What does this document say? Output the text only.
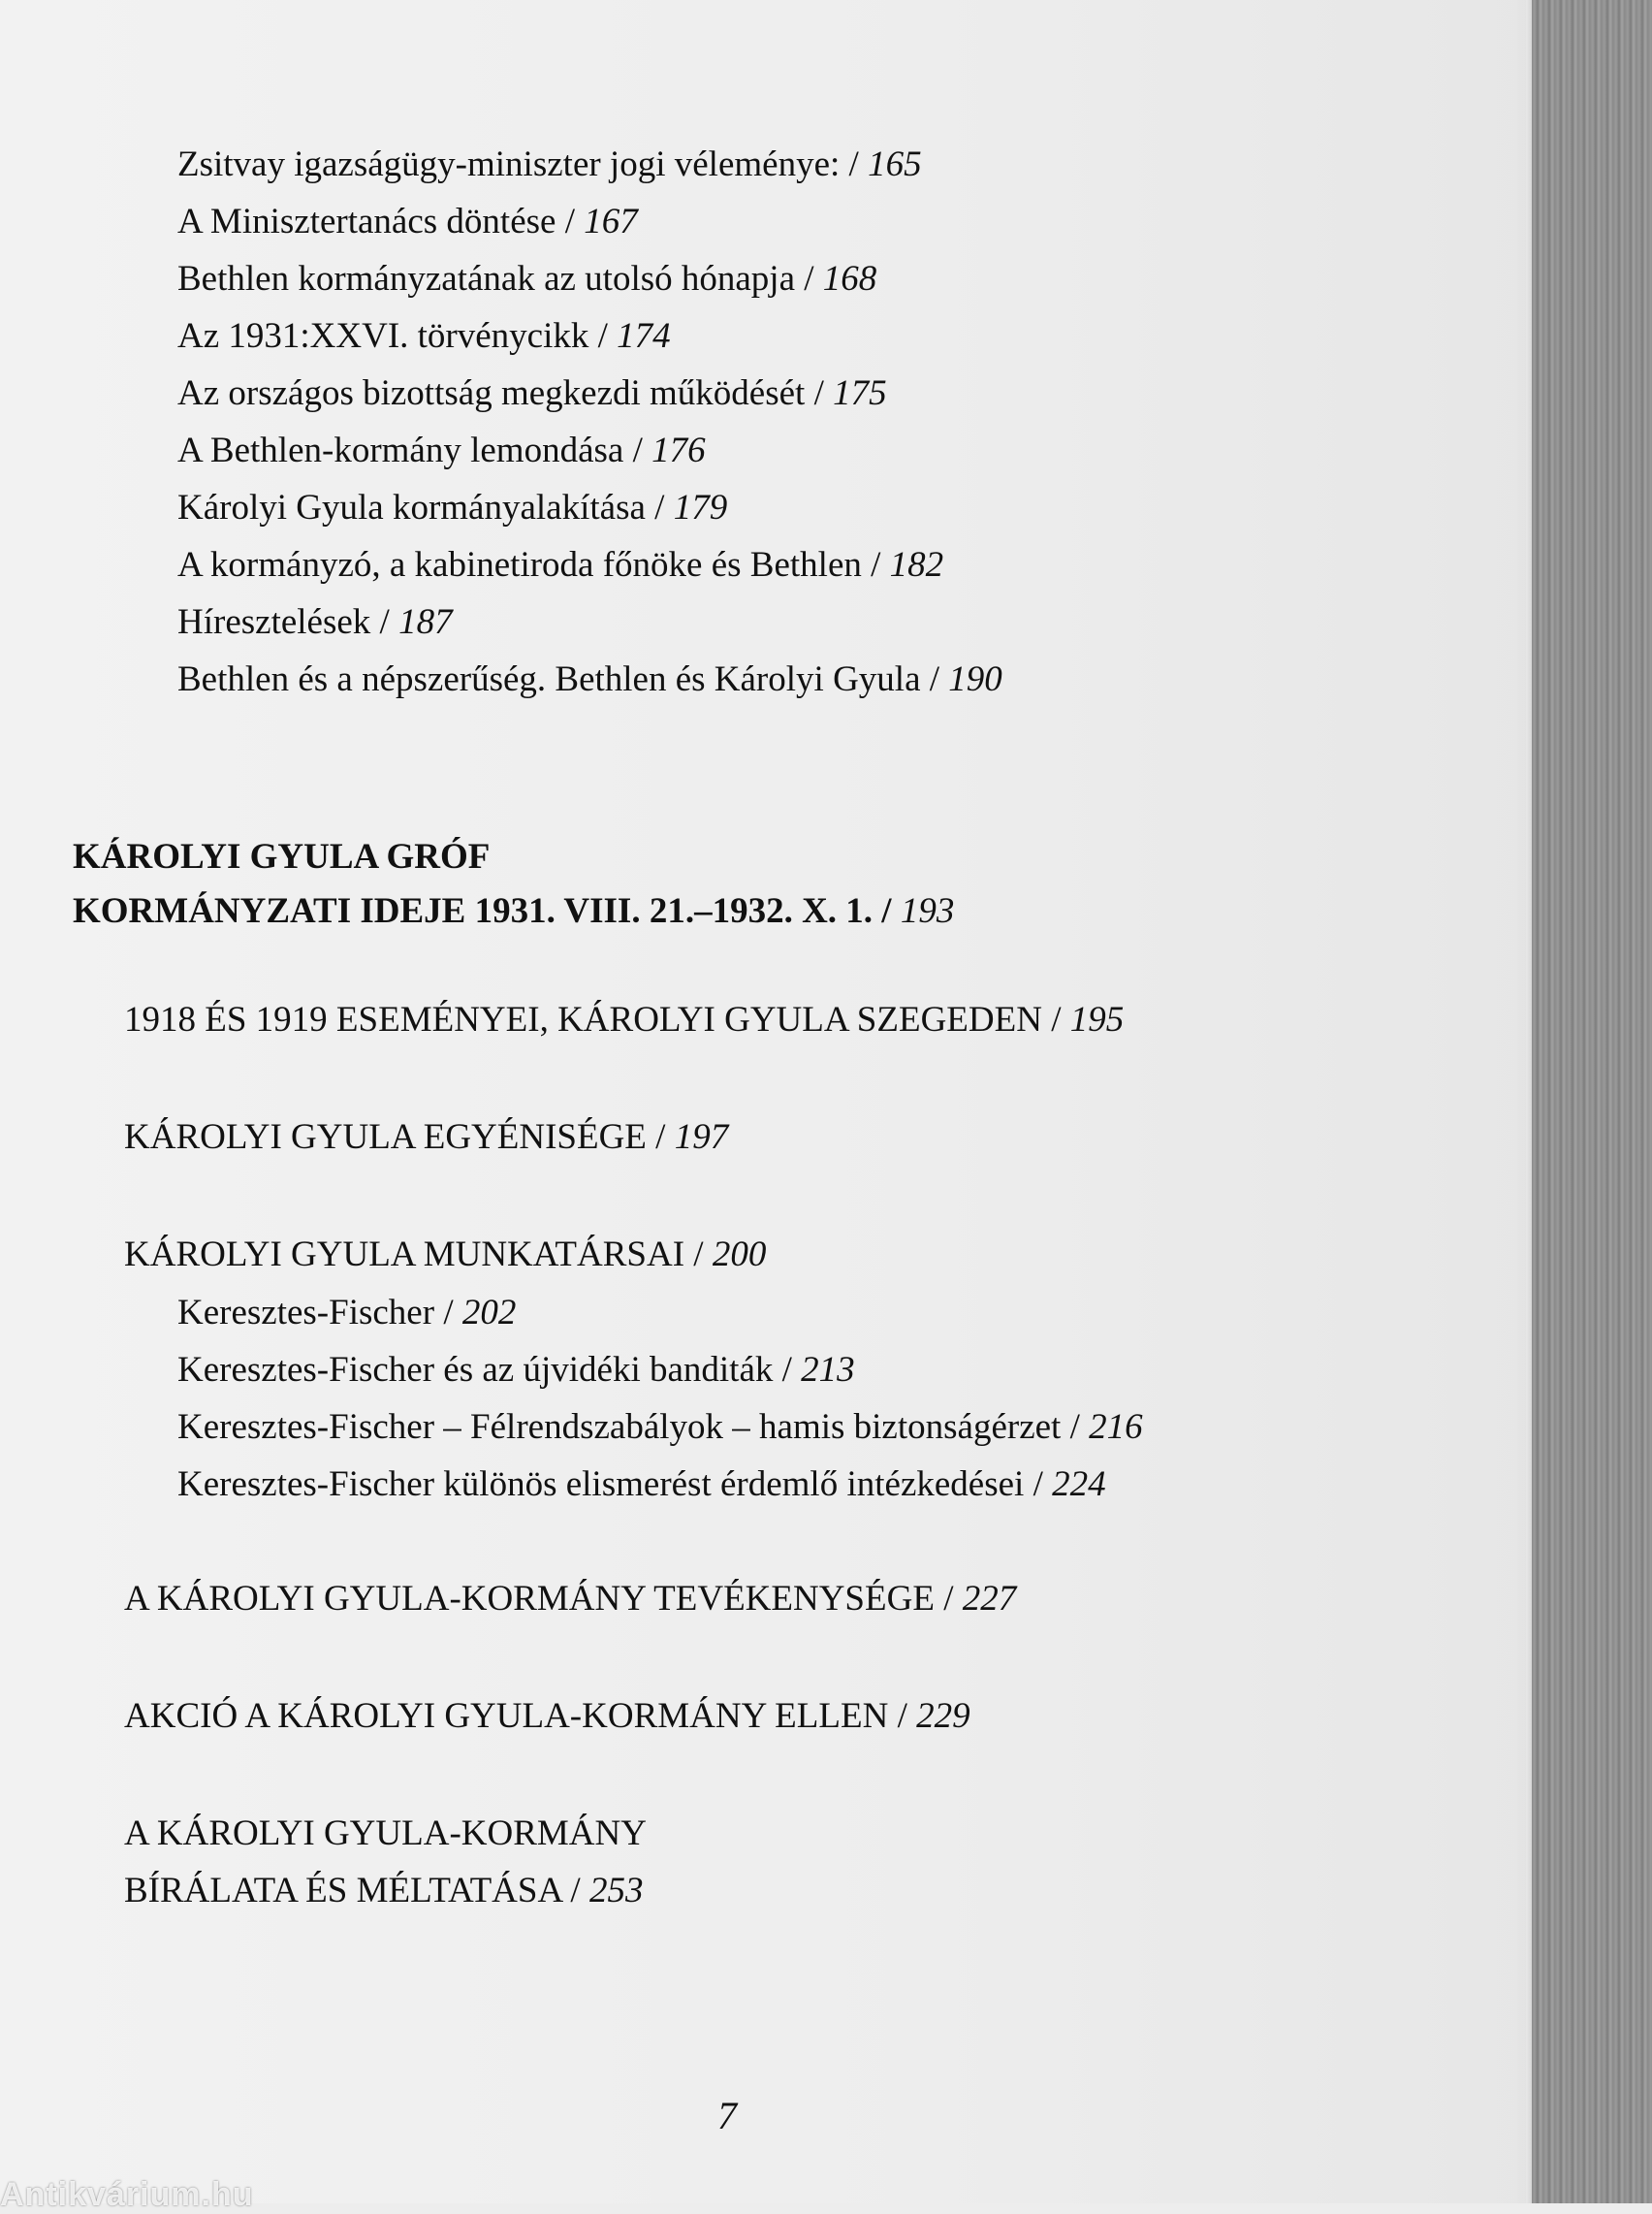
Zsitvay igazságügy-miniszter jogi véleménye: / 165
A Minisztertanács döntése / 167
Bethlen kormányzatának az utolsó hónapja / 168
Az 1931:XXVI. törvénycikk / 174
Az országos bizottság megkezdi működését / 175
A Bethlen-kormány lemondása / 176
Károlyi Gyula kormányalakítása / 179
A kormányzó, a kabinetiroda főnöke és Bethlen / 182
Híresztelések / 187
Bethlen és a népszerűség. Bethlen és Károlyi Gyula / 190
KÁROLYI GYULA GRÓF
KORMÁNYZATI IDEJE 1931. VIII. 21.–1932. X. 1. / 193
1918 ÉS 1919 ESEMÉNYEI, KÁROLYI GYULA SZEGEDEN / 195
KÁROLYI GYULA EGYÉNISÉGE / 197
KÁROLYI GYULA MUNKATÁRSAI / 200
Keresztes-Fischer / 202
Keresztes-Fischer és az újvidéki banditák / 213
Keresztes-Fischer – Félrendszabályok – hamis biztonságérzet / 216
Keresztes-Fischer különös elismerést érdemlő intézkedései / 224
A KÁROLYI GYULA-KORMÁNY TEVÉKENYSÉGE / 227
AKCIÓ A KÁROLYI GYULA-KORMÁNY ELLEN / 229
A KÁROLYI GYULA-KORMÁNY
BÍRÁLATA ÉS MÉLTATÁSA / 253
7
Antikvárium.hu
